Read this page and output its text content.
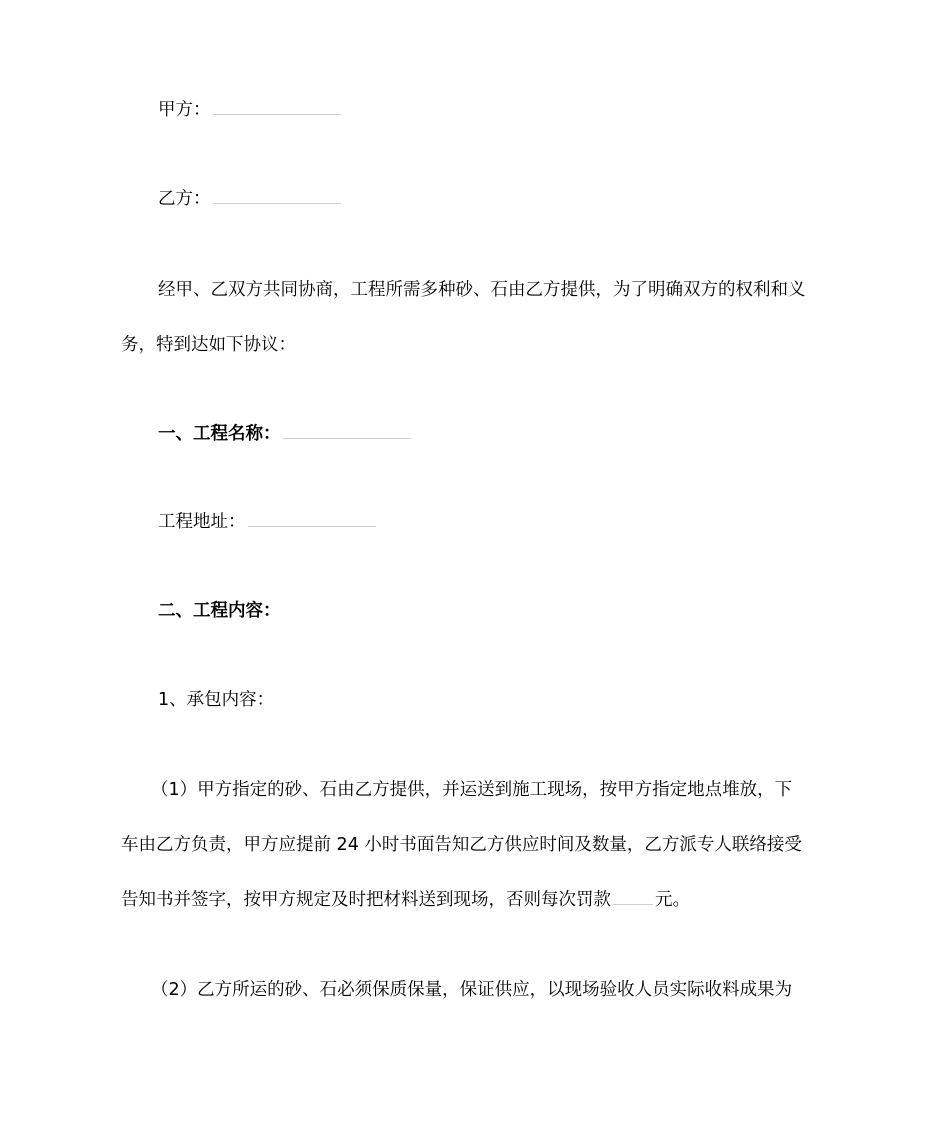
甲方：
乙方：
经甲、乙双方共同协商，工程所需多种砂、石由乙方提供，为了明确双方的权利和义
务，特到达如下协议：
一、工程名称：
工程地址：
二、工程内容：
1、承包内容：
（1）甲方指定的砂、石由乙方提供，并运送到施工现场，按甲方指定地点堆放，下
车由乙方负责，甲方应提前 24 小时书面告知乙方供应时间及数量，乙方派专人联络接受
告知书并签字，按甲方规定及时把材料送到现场，否则每次罚款	元。
（2）乙方所运的砂、石必须保质保量，保证供应，以现场验收人员实际收料成果为
